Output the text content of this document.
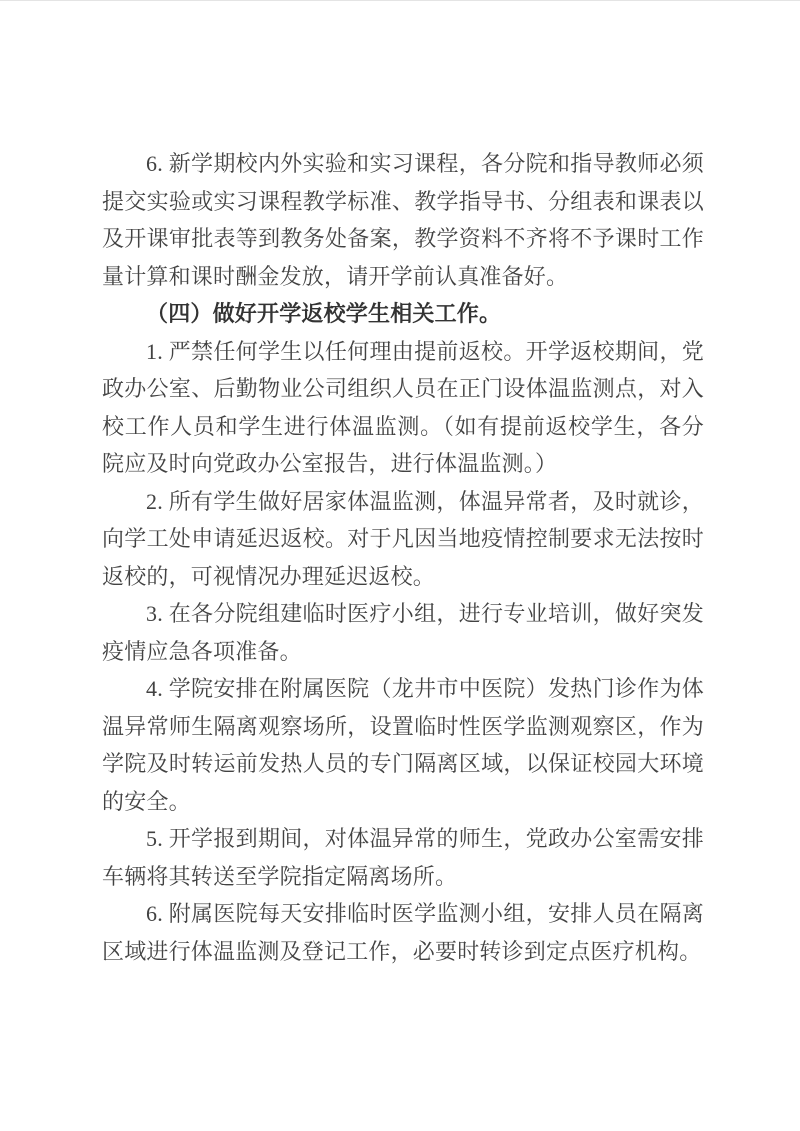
6. 新学期校内外实验和实习课程，各分院和指导教师必须提交实验或实习课程教学标准、教学指导书、分组表和课表以及开课审批表等到教务处备案，教学资料不齐将不予课时工作量计算和课时酬金发放，请开学前认真准备好。

（四）做好开学返校学生相关工作。

1. 严禁任何学生以任何理由提前返校。开学返校期间，党政办公室、后勤物业公司组织人员在正门设体温监测点，对入校工作人员和学生进行体温监测。（如有提前返校学生，各分院应及时向党政办公室报告，进行体温监测。）

2. 所有学生做好居家体温监测，体温异常者，及时就诊，向学工处申请延迟返校。对于凡因当地疫情控制要求无法按时返校的，可视情况办理延迟返校。

3. 在各分院组建临时医疗小组，进行专业培训，做好突发疫情应急各项准备。

4. 学院安排在附属医院（龙井市中医院）发热门诊作为体温异常师生隔离观察场所，设置临时性医学监测观察区，作为学院及时转运前发热人员的专门隔离区域，以保证校园大环境的安全。

5. 开学报到期间，对体温异常的师生，党政办公室需安排车辆将其转送至学院指定隔离场所。

6. 附属医院每天安排临时医学监测小组，安排人员在隔离区域进行体温监测及登记工作，必要时转诊到定点医疗机构。
